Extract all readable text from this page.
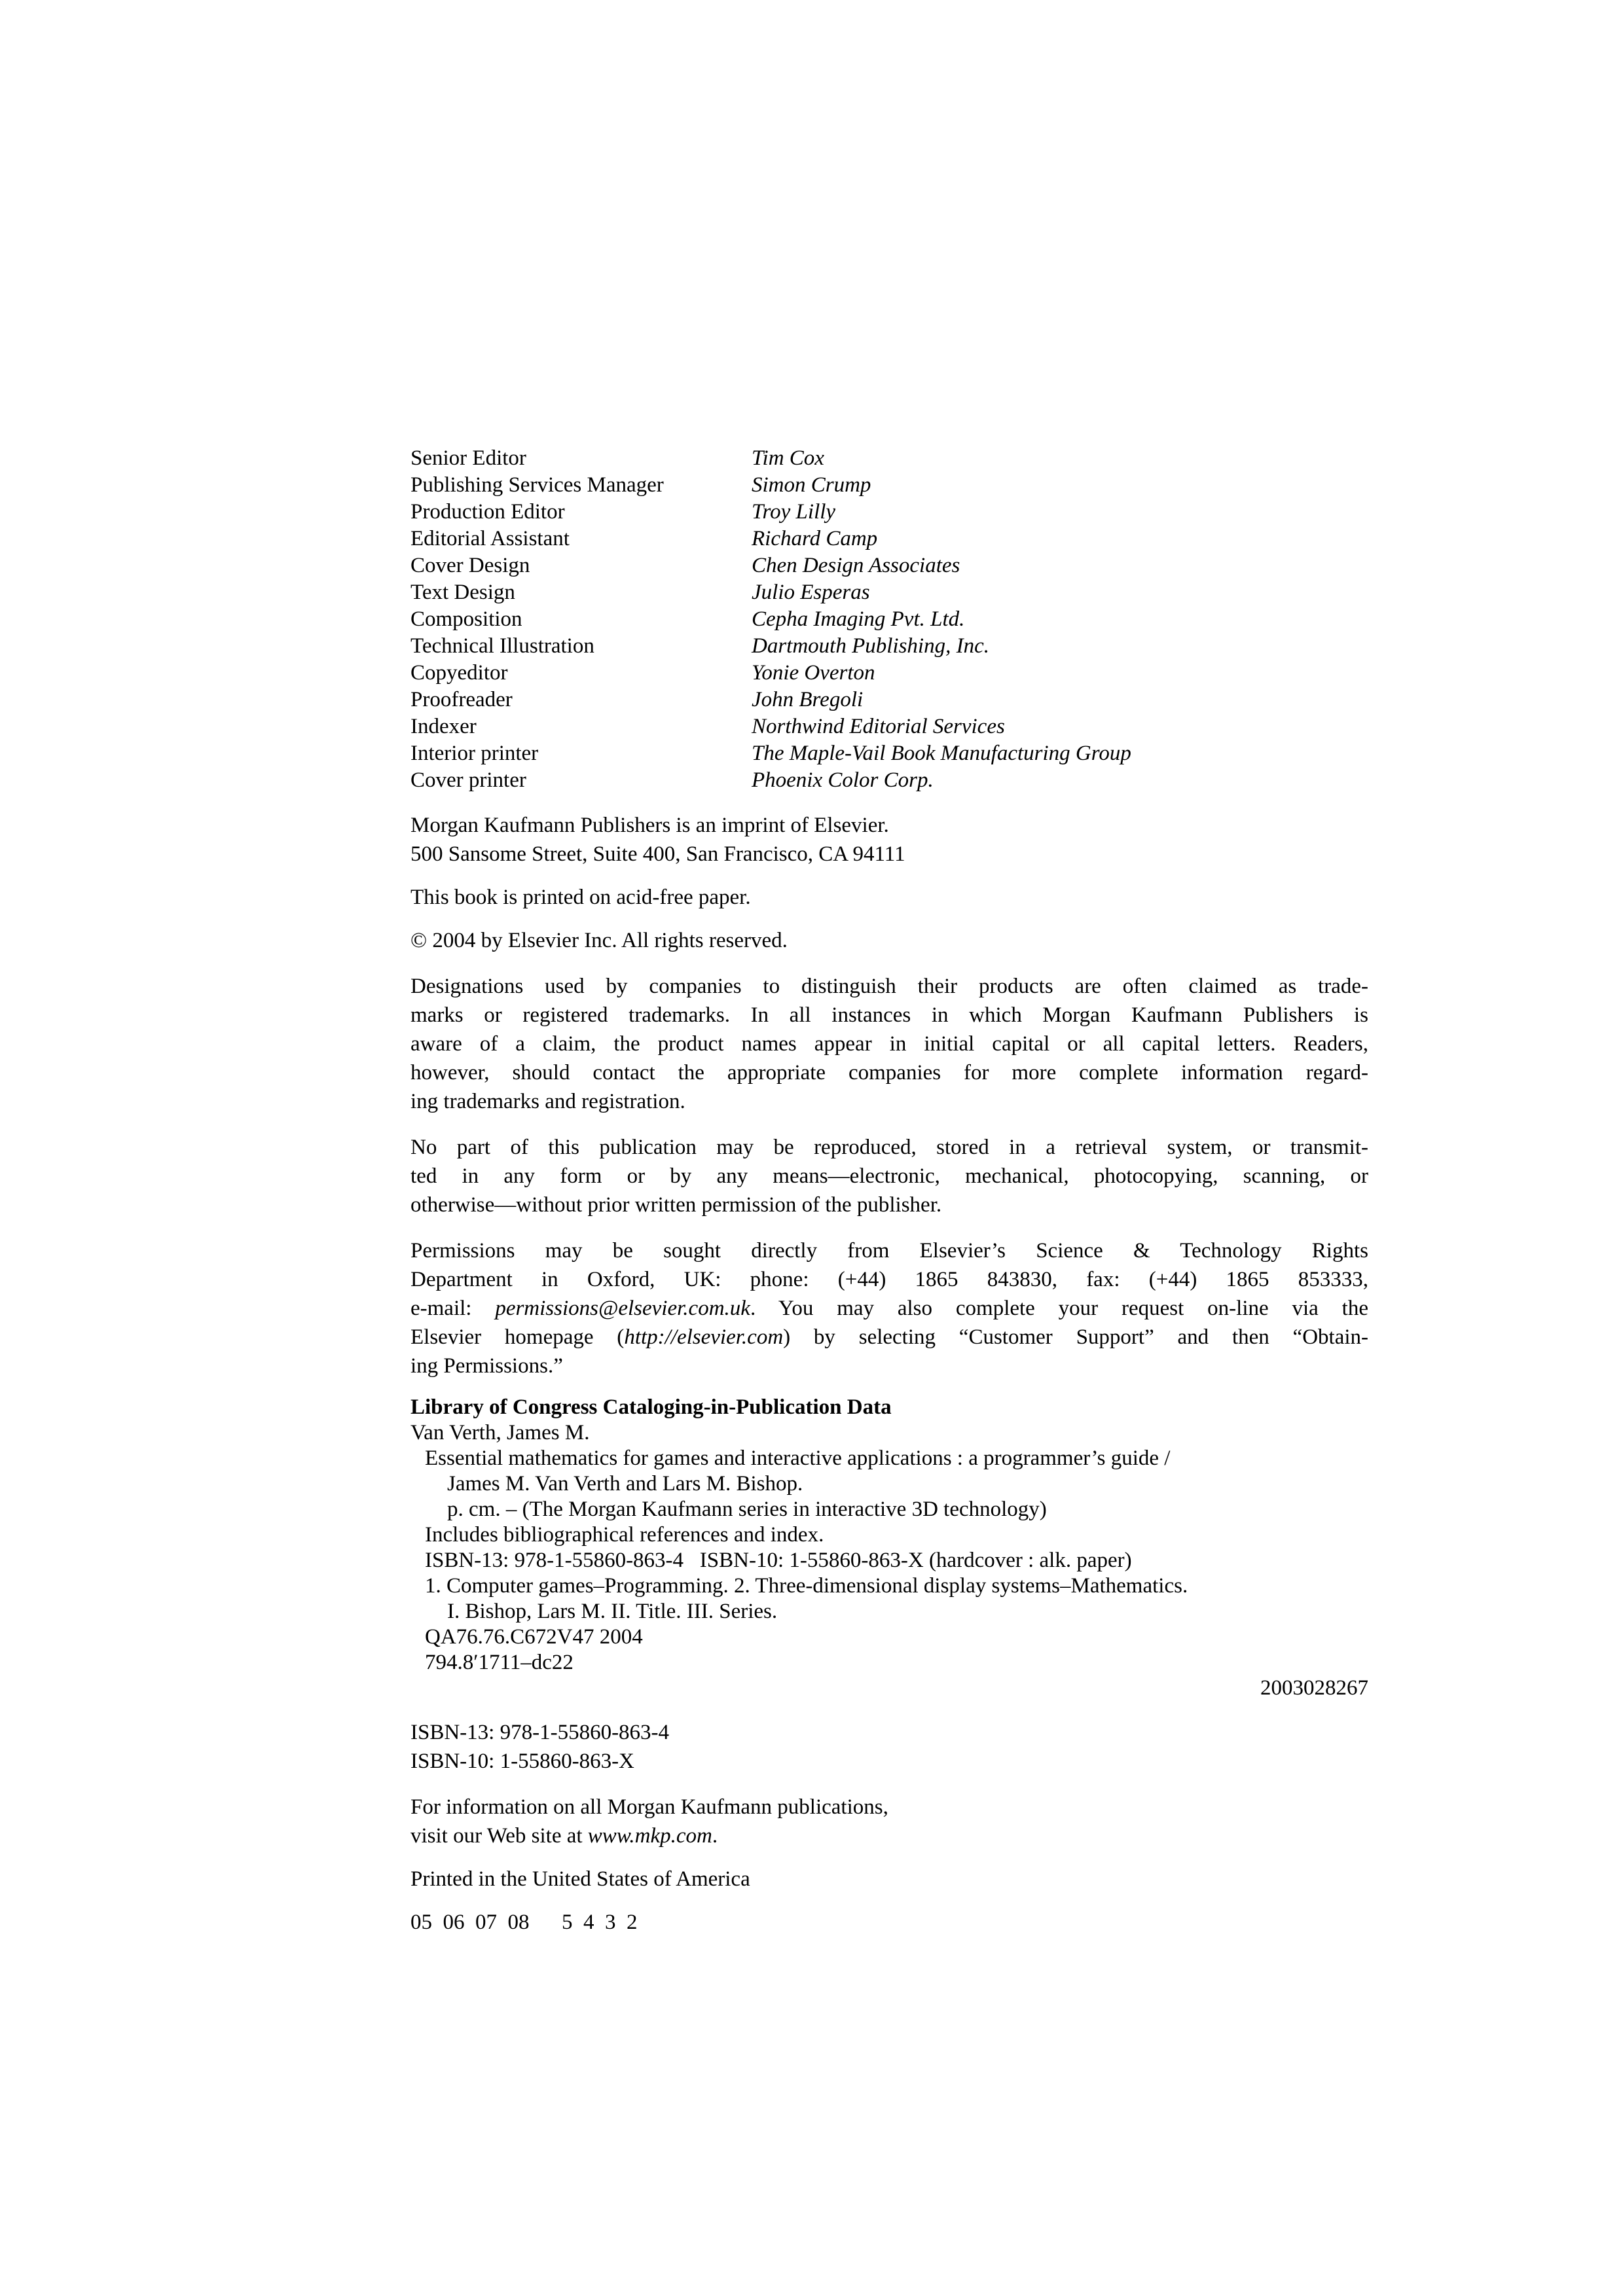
Senior Editor	Tim Cox
Publishing Services Manager	Simon Crump
Production Editor	Troy Lilly
Editorial Assistant	Richard Camp
Cover Design	Chen Design Associates
Text Design	Julio Esperas
Composition	Cepha Imaging Pvt. Ltd.
Technical Illustration	Dartmouth Publishing, Inc.
Copyeditor	Yonie Overton
Proofreader	John Bregoli
Indexer	Northwind Editorial Services
Interior printer	The Maple-Vail Book Manufacturing Group
Cover printer	Phoenix Color Corp.
Morgan Kaufmann Publishers is an imprint of Elsevier.
500 Sansome Street, Suite 400, San Francisco, CA 94111
This book is printed on acid-free paper.
© 2004 by Elsevier Inc. All rights reserved.
Designations used by companies to distinguish their products are often claimed as trade-
marks or registered trademarks. In all instances in which Morgan Kaufmann Publishers is
aware of a claim, the product names appear in initial capital or all capital letters. Readers,
however, should contact the appropriate companies for more complete information regard-
ing trademarks and registration.
No part of this publication may be reproduced, stored in a retrieval system, or transmit-
ted in any form or by any means—electronic, mechanical, photocopying, scanning, or
otherwise—without prior written permission of the publisher.
Permissions may be sought directly from Elsevier’s Science & Technology Rights
Department in Oxford, UK: phone: (+44) 1865 843830, fax: (+44) 1865 853333,
e-mail: permissions@elsevier.com.uk. You may also complete your request on-line via the
Elsevier homepage (http://elsevier.com) by selecting “Customer Support” and then “Obtain-
ing Permissions.”
Library of Congress Cataloging-in-Publication Data
Van Verth, James M.
Essential mathematics for games and interactive applications : a programmer’s guide /
James M. Van Verth and Lars M. Bishop.
p. cm. – (The Morgan Kaufmann series in interactive 3D technology)
Includes bibliographical references and index.
ISBN-13: 978-1-55860-863-4   ISBN-10: 1-55860-863-X (hardcover : alk. paper)
1. Computer games–Programming. 2. Three-dimensional display systems–Mathematics.
I. Bishop, Lars M. II. Title. III. Series.
QA76.76.C672V47 2004
794.8′1711–dc22
2003028267
ISBN-13: 978-1-55860-863-4
ISBN-10: 1-55860-863-X
For information on all Morgan Kaufmann publications,
visit our Web site at www.mkp.com.
Printed in the United States of America
05  06  07  08      5  4  3  2
